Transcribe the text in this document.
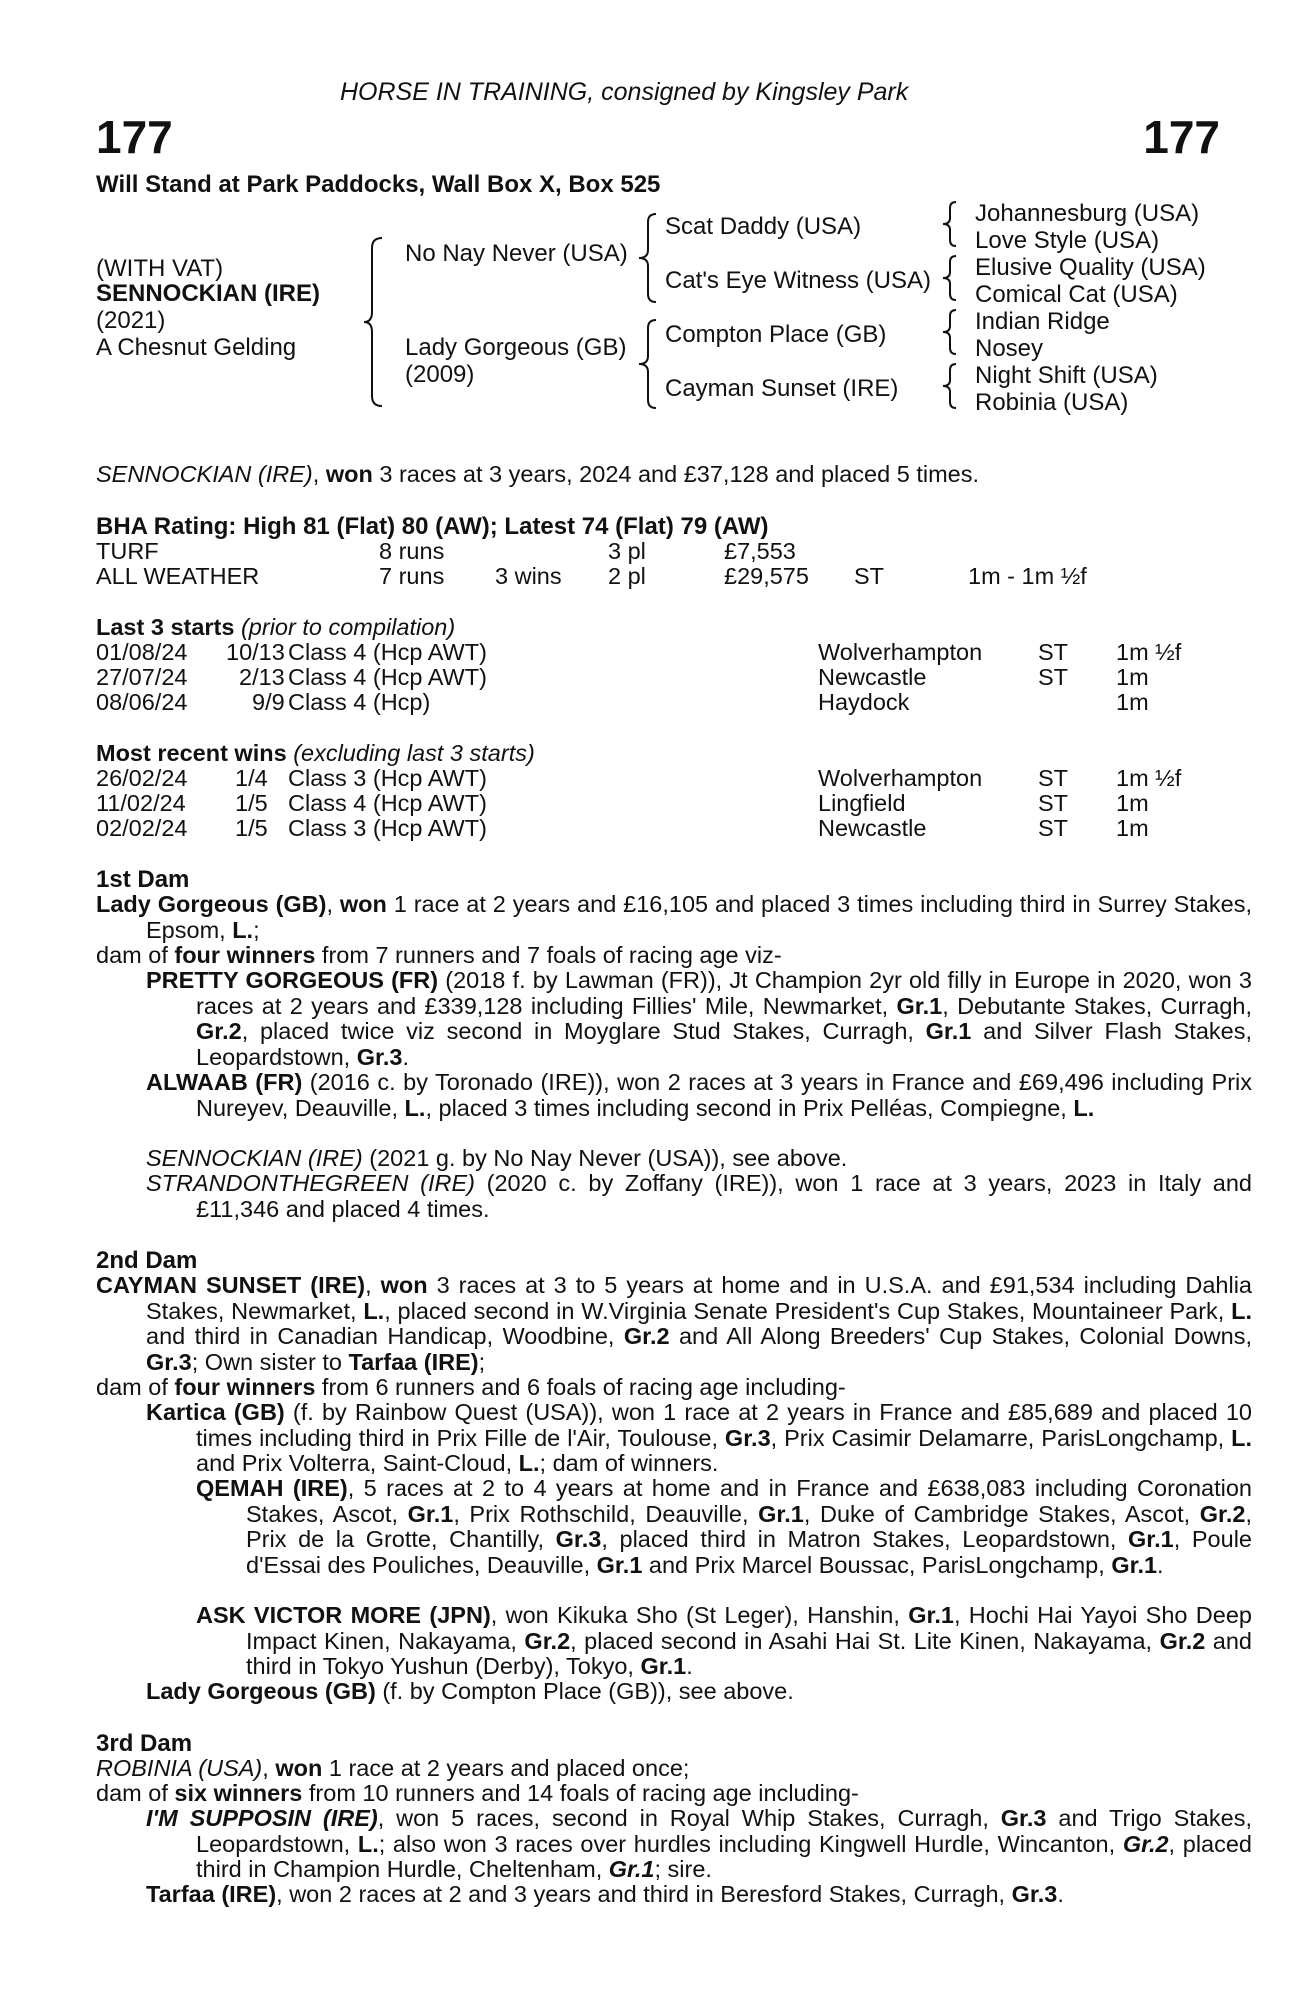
HORSE IN TRAINING, consigned by Kingsley Park
177	177
Will Stand at Park Paddocks, Wall Box X, Box 525
(WITH VAT)
SENNOCKIAN (IRE)
(2021)
A Chesnut Gelding
No Nay Never (USA)
Lady Gorgeous (GB)
(2009)
Scat Daddy (USA)
Cat's Eye Witness (USA)
Compton Place (GB)
Cayman Sunset (IRE)
Johannesburg (USA)
Love Style (USA)
Elusive Quality (USA)
Comical Cat (USA)
Indian Ridge
Nosey
Night Shift (USA)
Robinia (USA)
SENNOCKIAN (IRE), won 3 races at 3 years, 2024 and £37,128 and placed 5 times.
BHA Rating: High 81 (Flat) 80 (AW); Latest 74 (Flat) 79 (AW)
TURF	8 runs	3 pl	£7,553
ALL WEATHER	7 runs 3 wins 2 pl	£29,575 ST	1m - 1m ½f
Last 3 starts (prior to compilation)
01/08/24 10/13 Class 4 (Hcp AWT)	Wolverhampton ST 1m ½f
27/07/24 2/13 Class 4 (Hcp AWT)	Newcastle	ST 1m
08/06/24	9/9 Class 4 (Hcp)	Haydock	1m
Most recent wins (excluding last 3 starts)
26/02/24 1/4 Class 3 (Hcp AWT)	Wolverhampton ST 1m ½f
11/02/24 1/5 Class 4 (Hcp AWT)	Lingfield	ST 1m
02/02/24 1/5 Class 3 (Hcp AWT)	Newcastle	ST 1m
1st Dam
Lady Gorgeous (GB), won 1 race at 2 years and £16,105 and placed 3 times including third in Surrey Stakes, Epsom, L.;
dam of four winners from 7 runners and 7 foals of racing age viz-
PRETTY GORGEOUS (FR) (2018 f. by Lawman (FR)), Jt Champion 2yr old filly in Europe in 2020, won 3 races at 2 years and £339,128 including Fillies' Mile, Newmarket, Gr.1, Debutante Stakes, Curragh, Gr.2, placed twice viz second in Moyglare Stud Stakes, Curragh, Gr.1 and Silver Flash Stakes, Leopardstown, Gr.3.
ALWAAB (FR) (2016 c. by Toronado (IRE)), won 2 races at 3 years in France and £69,496 including Prix Nureyev, Deauville, L., placed 3 times including second in Prix Pelléas, Compiegne, L.
SENNOCKIAN (IRE) (2021 g. by No Nay Never (USA)), see above.
STRANDONTHEGREEN (IRE) (2020 c. by Zoffany (IRE)), won 1 race at 3 years, 2023 in Italy and £11,346 and placed 4 times.
2nd Dam
CAYMAN SUNSET (IRE), won 3 races at 3 to 5 years at home and in U.S.A. and £91,534 including Dahlia Stakes, Newmarket, L., placed second in W.Virginia Senate President's Cup Stakes, Mountaineer Park, L. and third in Canadian Handicap, Woodbine, Gr.2 and All Along Breeders' Cup Stakes, Colonial Downs, Gr.3; Own sister to Tarfaa (IRE);
dam of four winners from 6 runners and 6 foals of racing age including-
Kartica (GB) (f. by Rainbow Quest (USA)), won 1 race at 2 years in France and £85,689 and placed 10 times including third in Prix Fille de l'Air, Toulouse, Gr.3, Prix Casimir Delamarre, ParisLongchamp, L. and Prix Volterra, Saint-Cloud, L.; dam of winners.
QEMAH (IRE), 5 races at 2 to 4 years at home and in France and £638,083 including Coronation Stakes, Ascot, Gr.1, Prix Rothschild, Deauville, Gr.1, Duke of Cambridge Stakes, Ascot, Gr.2, Prix de la Grotte, Chantilly, Gr.3, placed third in Matron Stakes, Leopardstown, Gr.1, Poule d'Essai des Pouliches, Deauville, Gr.1 and Prix Marcel Boussac, ParisLongchamp, Gr.1.
ASK VICTOR MORE (JPN), won Kikuka Sho (St Leger), Hanshin, Gr.1, Hochi Hai Yayoi Sho Deep Impact Kinen, Nakayama, Gr.2, placed second in Asahi Hai St. Lite Kinen, Nakayama, Gr.2 and third in Tokyo Yushun (Derby), Tokyo, Gr.1.
Lady Gorgeous (GB) (f. by Compton Place (GB)), see above.
3rd Dam
ROBINIA (USA), won 1 race at 2 years and placed once;
dam of six winners from 10 runners and 14 foals of racing age including-
I'M SUPPOSIN (IRE), won 5 races, second in Royal Whip Stakes, Curragh, Gr.3 and Trigo Stakes, Leopardstown, L.; also won 3 races over hurdles including Kingwell Hurdle, Wincanton, Gr.2, placed third in Champion Hurdle, Cheltenham, Gr.1; sire.
Tarfaa (IRE), won 2 races at 2 and 3 years and third in Beresford Stakes, Curragh, Gr.3.
